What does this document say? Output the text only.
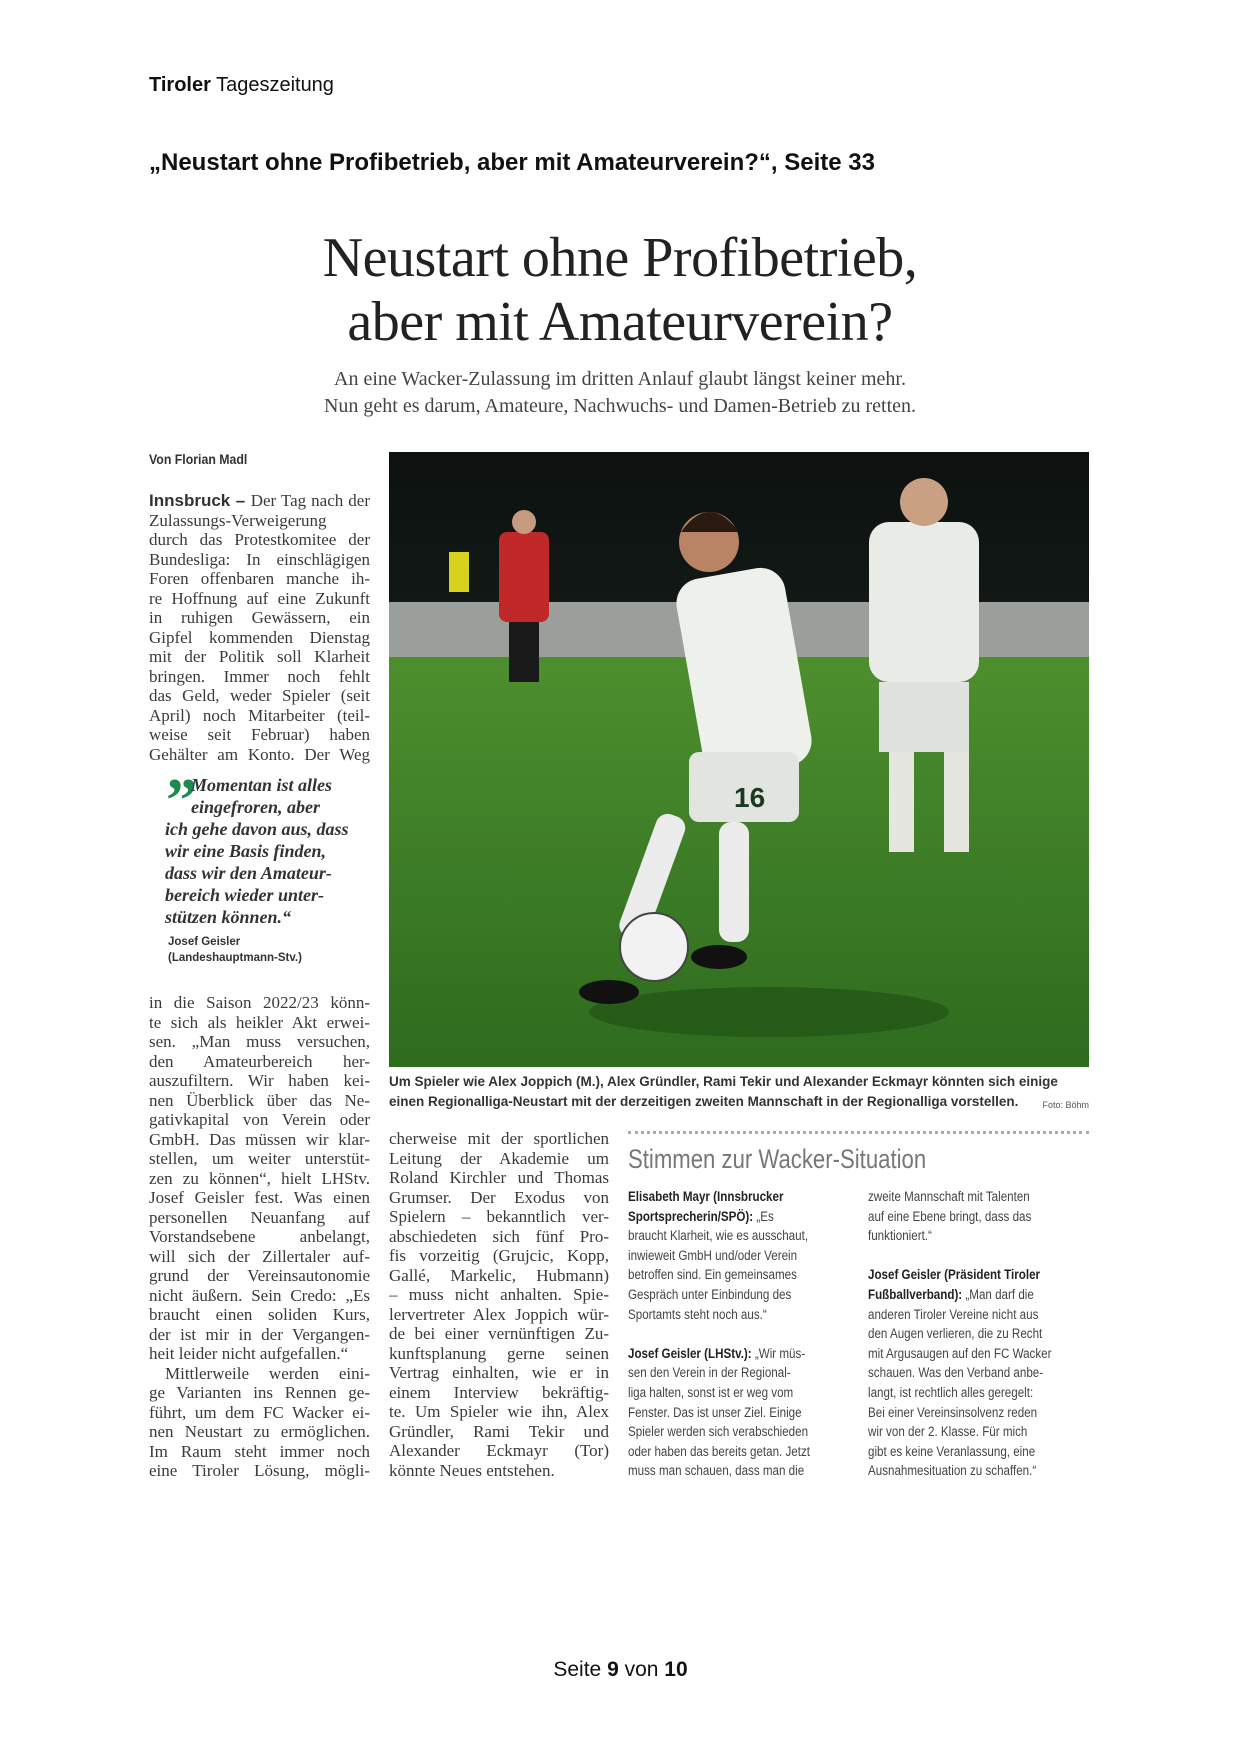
Tiroler Tageszeitung
„Neustart ohne Profibetrieb, aber mit Amateurverein?“, Seite 33
Neustart ohne Profibetrieb,
aber mit Amateurverein?
An eine Wacker-Zulassung im dritten Anlauf glaubt längst keiner mehr.
Nun geht es darum, Amateure, Nachwuchs- und Damen-Betrieb zu retten.
Von Florian Madl
Innsbruck – Der Tag nach der
Zulassungs-Verweigerung
durch das Protestkomitee der
Bundesliga: In einschlägigen
Foren offenbaren manche ih-
re Hoffnung auf eine Zukunft
in ruhigen Gewässern, ein
Gipfel kommenden Dienstag
mit der Politik soll Klarheit
bringen. Immer noch fehlt
das Geld, weder Spieler (seit
April) noch Mitarbeiter (teil-
weise seit Februar) haben
Gehälter am Konto. Der Weg
”
Momentan ist alles
eingefroren, aber
ich gehe davon aus, dass
wir eine Basis finden,
dass wir den Amateur-
bereich wieder unter-
stützen können.“
Josef Geisler
(Landeshauptmann-Stv.)
in die Saison 2022/23 könn-
te sich als heikler Akt erwei-
sen. „Man muss versuchen,
den Amateurbereich her-
auszufiltern. Wir haben kei-
nen Überblick über das Ne-
gativkapital von Verein oder
GmbH. Das müssen wir klar-
stellen, um weiter unterstüt-
zen zu können“, hielt LHStv.
Josef Geisler fest. Was einen
personellen Neuanfang auf
Vorstandsebene anbelangt,
will sich der Zillertaler auf-
grund der Vereinsautonomie
nicht äußern. Sein Credo: „Es
braucht einen soliden Kurs,
der ist mir in der Vergangen-
heit leider nicht aufgefallen.“
Mittlerweile werden eini-
ge Varianten ins Rennen ge-
führt, um dem FC Wacker ei-
nen Neustart zu ermöglichen.
Im Raum steht immer noch
eine Tiroler Lösung, mögli-
16
Um Spieler wie Alex Joppich (M.), Alex Gründler, Rami Tekir und Alexander Eckmayr könnten sich einige einen Regionalliga-Neustart mit der derzeitigen zweiten Mannschaft in der Regionalliga vorstellen.	Foto: Böhm
cherweise mit der sportlichen
Leitung der Akademie um
Roland Kirchler und Thomas
Grumser. Der Exodus von
Spielern – bekanntlich ver-
abschiedeten sich fünf Pro-
fis vorzeitig (Grujcic, Kopp,
Gallé, Markelic, Hubmann)
– muss nicht anhalten. Spie-
lervertreter Alex Joppich wür-
de bei einer vernünftigen Zu-
kunftsplanung gerne seinen
Vertrag einhalten, wie er in
einem Interview bekräftig-
te. Um Spieler wie ihn, Alex
Gründler, Rami Tekir und
Alexander Eckmayr (Tor)
könnte Neues entstehen.
Stimmen zur Wacker-Situation
Elisabeth Mayr (Innsbrucker
Sportsprecherin/SPÖ): „Es
braucht Klarheit, wie es ausschaut,
inwieweit GmbH und/oder Verein
betroffen sind. Ein gemeinsames
Gespräch unter Einbindung des
Sportamts steht noch aus.“
Josef Geisler (LHStv.): „Wir müs-
sen den Verein in der Regional-
liga halten, sonst ist er weg vom
Fenster. Das ist unser Ziel. Einige
Spieler werden sich verabschieden
oder haben das bereits getan. Jetzt
muss man schauen, dass man die
zweite Mannschaft mit Talenten
auf eine Ebene bringt, dass das
funktioniert.“
Josef Geisler (Präsident Tiroler
Fußballverband): „Man darf die
anderen Tiroler Vereine nicht aus
den Augen verlieren, die zu Recht
mit Argusaugen auf den FC Wacker
schauen. Was den Verband anbe-
langt, ist rechtlich alles geregelt:
Bei einer Vereinsinsolvenz reden
wir von der 2. Klasse. Für mich
gibt es keine Veranlassung, eine
Ausnahmesituation zu schaffen.“
Seite 9 von 10
